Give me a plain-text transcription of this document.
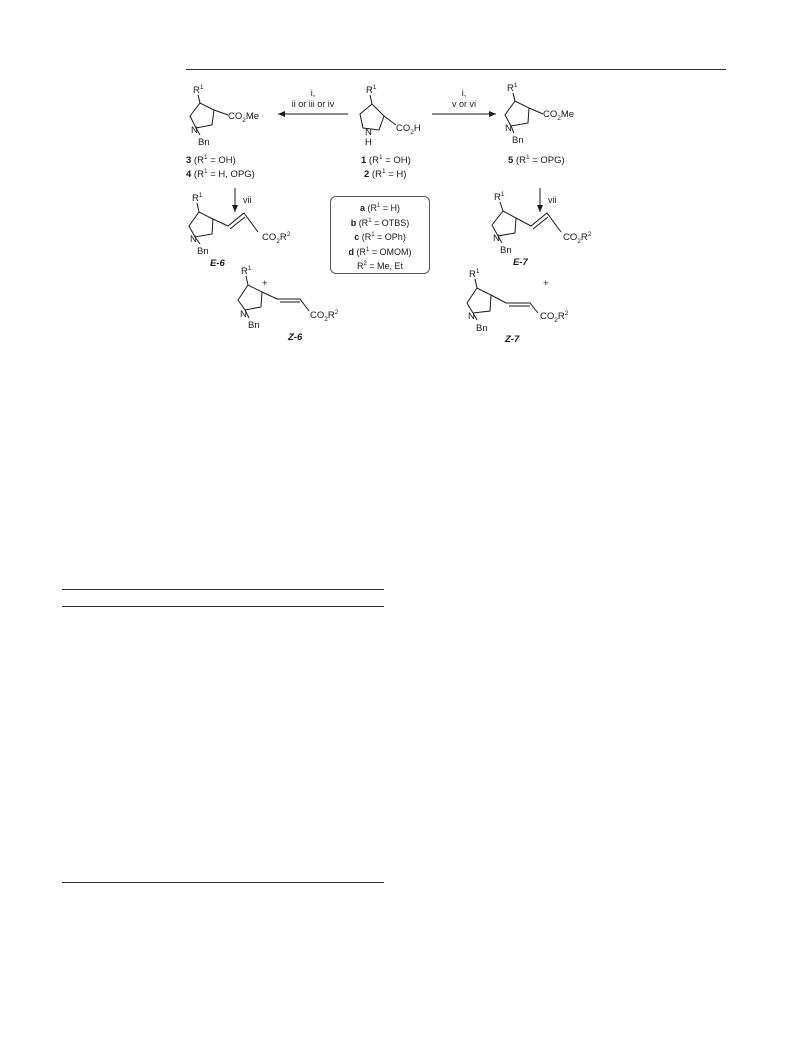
$R^1$
N
H
$CO_2H$
$R^1$
N
Bn
$CO_2Me$
$R^1$
N
Bn
$CO_2Me$
$R^1$
N
Bn
$CO_2R^2$
$R^1$
N
Bn
$CO_2R^2$
+
$R^1$
N
Bn
$CO_2R^2$
$R^1$
N
Bn
$CO_2R^2$
+
i,
ii or iii or iv
i,
v or vi
vii	vii
1 $(R^1 = OH)$
2 $(R^1 = H)$
3 $(R^1 = OH)$
4 ($R^1 = H$, OPG)
5 $(R^1 = OPG)$
E-6
Z-6
E-7
Z-7
a $(R^1 = H)$
b ($R^1$ = OTBS)
c $(R^1 = OPh)$
d ($R^1$ = OMOM)
$R^2 = Me$, Et
